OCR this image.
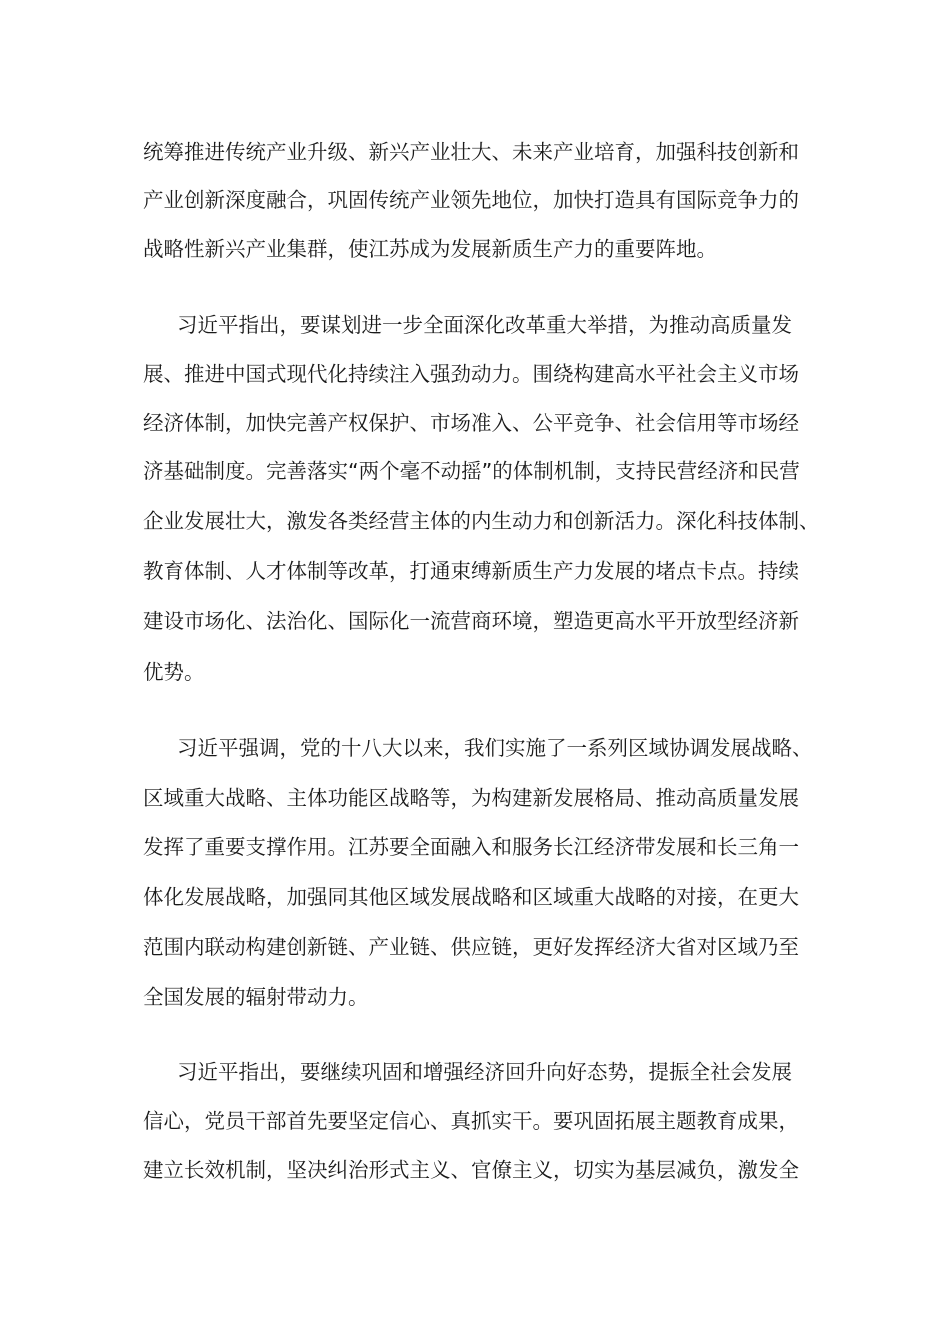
统筹推进传统产业升级、新兴产业壮大、未来产业培育，加强科技创新和
产业创新深度融合，巩固传统产业领先地位，加快打造具有国际竞争力的
战略性新兴产业集群，使江苏成为发展新质生产力的重要阵地。
习近平指出，要谋划进一步全面深化改革重大举措，为推动高质量发
展、推进中国式现代化持续注入强劲动力。围绕构建高水平社会主义市场
经济体制，加快完善产权保护、市场准入、公平竞争、社会信用等市场经
济基础制度。完善落实“两个毫不动摇”的体制机制，支持民营经济和民营
企业发展壮大，激发各类经营主体的内生动力和创新活力。深化科技体制、
教育体制、人才体制等改革，打通束缚新质生产力发展的堵点卡点。持续
建设市场化、法治化、国际化一流营商环境，塑造更高水平开放型经济新
优势。
习近平强调，党的十八大以来，我们实施了一系列区域协调发展战略、
区域重大战略、主体功能区战略等，为构建新发展格局、推动高质量发展
发挥了重要支撑作用。江苏要全面融入和服务长江经济带发展和长三角一
体化发展战略，加强同其他区域发展战略和区域重大战略的对接，在更大
范围内联动构建创新链、产业链、供应链，更好发挥经济大省对区域乃至
全国发展的辐射带动力。
习近平指出，要继续巩固和增强经济回升向好态势，提振全社会发展
信心，党员干部首先要坚定信心、真抓实干。要巩固拓展主题教育成果，
建立长效机制，坚决纠治形式主义、官僚主义，切实为基层减负，激发全
